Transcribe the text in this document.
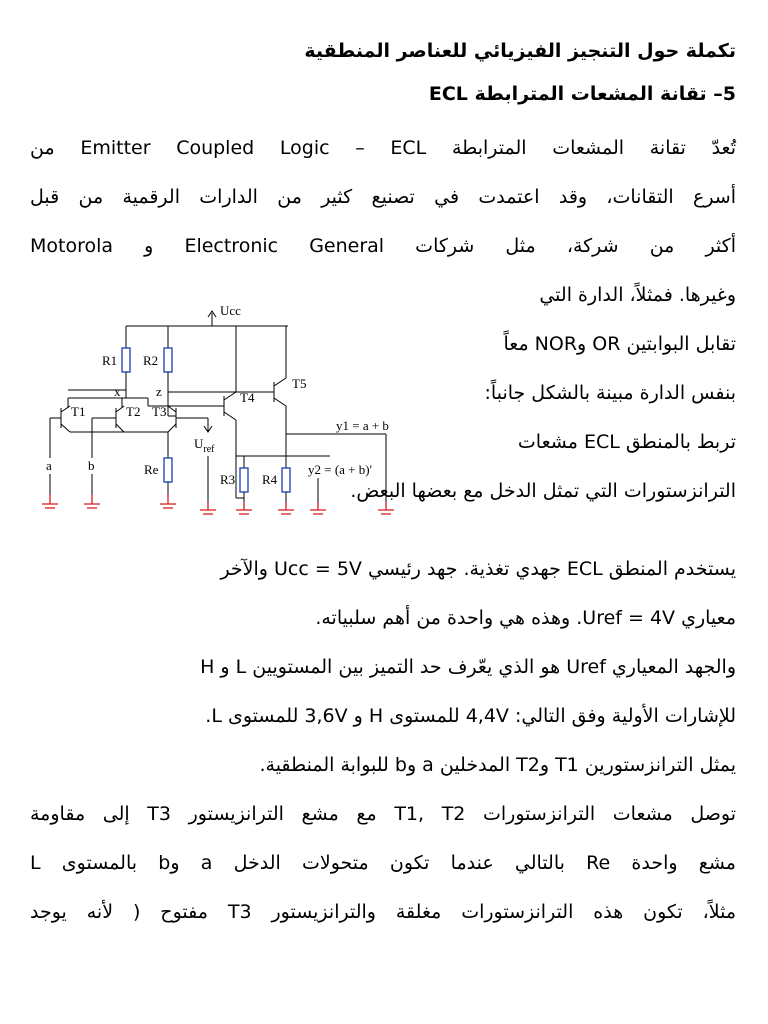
تكملة حول التنجيز الفيزيائي للعناصر المنطقية
5– تقانة المشعات المترابطة ECL
تُعدّ تقانة المشعات المترابطة Emitter Coupled Logic – ECL من
أسرع التقانات، وقد اعتمدت في تصنيع كثير من الدارات الرقمية من قبل
أكثر من شركة، مثل شركات Electronic General و Motorola
وغيرها. فمثلاً، الدارة التي
تقابل البوابتين OR وNOR معاً
بنفس الدارة مبينة بالشكل جانباً:
تربط بالمنطق ECL مشعات
الترانزستورات التي تمثل الدخل مع بعضها البعض.
يستخدم المنطق ECL جهدي تغذية. جهد رئيسي Ucc = 5V والآخر
معياري Uref = 4V. وهذه هي واحدة من أهم سلبياته.
والجهد المعياري Uref هو الذي يعّرف حد التميز بين المستويين L و H
للإشارات الأولية وفق التالي: 4,4V للمستوى H و 3,6V للمستوى L.
يمثل الترانزستورين T1 وT2 المدخلين a وb للبوابة المنطقية.
توصل مشعات الترانزستورات T1, T2 مع مشع الترانزيستور T3 إلى مقاومة
مشع واحدة Re بالتالي عندما تكون متحولات الدخل a وb بالمستوى L
مثلاً، تكون هذه الترانزستورات مغلقة والترانزيستور T3 مفتوح ( لأنه يوجد
Ucc
R1 R2
x
T1
a
T2
b
T3
$U_{ref}$
Re
z	T4
R3
T5
y1 = a + b
R4
y2 = (a + b)'
